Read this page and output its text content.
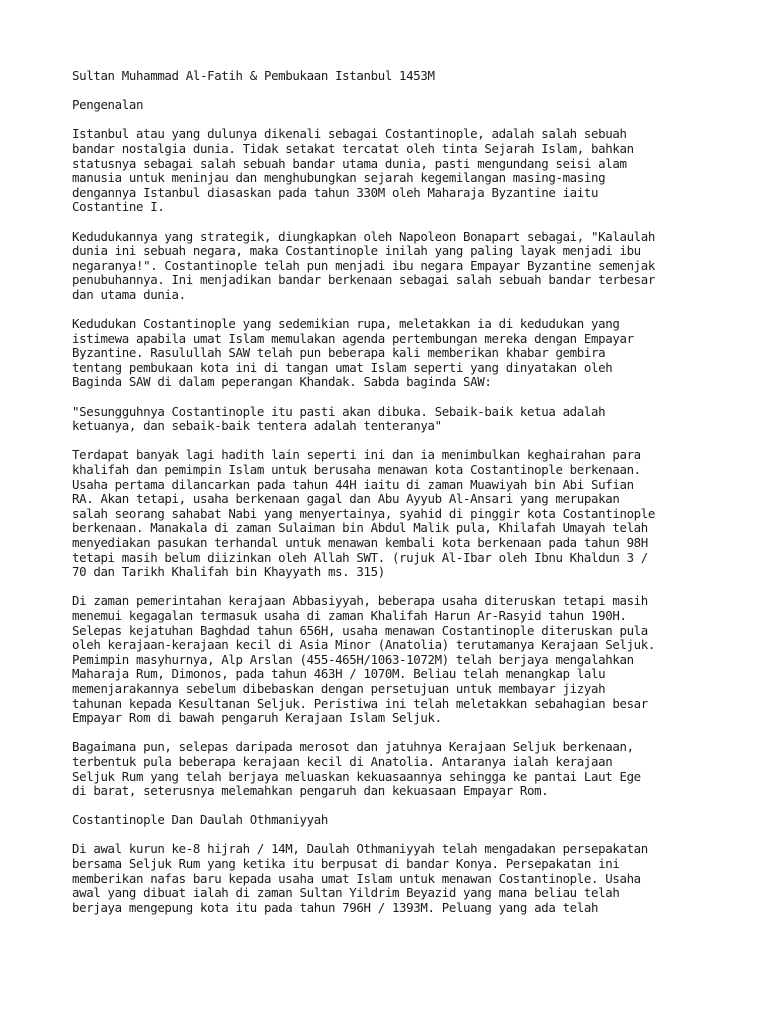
Sultan Muhammad Al-Fatih & Pembukaan Istanbul 1453M
Pengenalan
Istanbul atau yang dulunya dikenali sebagai Costantinople, adalah salah sebuah
bandar nostalgia dunia. Tidak setakat tercatat oleh tinta Sejarah Islam, bahkan
statusnya sebagai salah sebuah bandar utama dunia, pasti mengundang seisi alam
manusia untuk meninjau dan menghubungkan sejarah kegemilangan masing-masing
dengannya Istanbul diasaskan pada tahun 330M oleh Maharaja Byzantine iaitu
Costantine I.
Kedudukannya yang strategik, diungkapkan oleh Napoleon Bonapart sebagai, "Kalaulah
dunia ini sebuah negara, maka Costantinople inilah yang paling layak menjadi ibu
negaranya!". Costantinople telah pun menjadi ibu negara Empayar Byzantine semenjak
penubuhannya. Ini menjadikan bandar berkenaan sebagai salah sebuah bandar terbesar
dan utama dunia.
Kedudukan Costantinople yang sedemikian rupa, meletakkan ia di kedudukan yang
istimewa apabila umat Islam memulakan agenda pertembungan mereka dengan Empayar
Byzantine. Rasulullah SAW telah pun beberapa kali memberikan khabar gembira
tentang pembukaan kota ini di tangan umat Islam seperti yang dinyatakan oleh
Baginda SAW di dalam peperangan Khandak. Sabda baginda SAW:
"Sesungguhnya Costantinople itu pasti akan dibuka. Sebaik-baik ketua adalah
ketuanya, dan sebaik-baik tentera adalah tenteranya"
Terdapat banyak lagi hadith lain seperti ini dan ia menimbulkan keghairahan para
khalifah dan pemimpin Islam untuk berusaha menawan kota Costantinople berkenaan.
Usaha pertama dilancarkan pada tahun 44H iaitu di zaman Muawiyah bin Abi Sufian
RA. Akan tetapi, usaha berkenaan gagal dan Abu Ayyub Al-Ansari yang merupakan
salah seorang sahabat Nabi yang menyertainya, syahid di pinggir kota Costantinople
berkenaan. Manakala di zaman Sulaiman bin Abdul Malik pula, Khilafah Umayah telah
menyediakan pasukan terhandal untuk menawan kembali kota berkenaan pada tahun 98H
tetapi masih belum diizinkan oleh Allah SWT. (rujuk Al-Ibar oleh Ibnu Khaldun 3 /
70 dan Tarikh Khalifah bin Khayyath ms. 315)
Di zaman pemerintahan kerajaan Abbasiyyah, beberapa usaha diteruskan tetapi masih
menemui kegagalan termasuk usaha di zaman Khalifah Harun Ar-Rasyid tahun 190H.
Selepas kejatuhan Baghdad tahun 656H, usaha menawan Costantinople diteruskan pula
oleh kerajaan-kerajaan kecil di Asia Minor (Anatolia) terutamanya Kerajaan Seljuk.
Pemimpin masyhurnya, Alp Arslan (455-465H/1063-1072M) telah berjaya mengalahkan
Maharaja Rum, Dimonos, pada tahun 463H / 1070M. Beliau telah menangkap lalu
memenjarakannya sebelum dibebaskan dengan persetujuan untuk membayar jizyah
tahunan kepada Kesultanan Seljuk. Peristiwa ini telah meletakkan sebahagian besar
Empayar Rom di bawah pengaruh Kerajaan Islam Seljuk.
Bagaimana pun, selepas daripada merosot dan jatuhnya Kerajaan Seljuk berkenaan,
terbentuk pula beberapa kerajaan kecil di Anatolia. Antaranya ialah kerajaan
Seljuk Rum yang telah berjaya meluaskan kekuasaannya sehingga ke pantai Laut Ege
di barat, seterusnya melemahkan pengaruh dan kekuasaan Empayar Rom.
Costantinople Dan Daulah Othmaniyyah
Di awal kurun ke-8 hijrah / 14M, Daulah Othmaniyyah telah mengadakan persepakatan
bersama Seljuk Rum yang ketika itu berpusat di bandar Konya. Persepakatan ini
memberikan nafas baru kepada usaha umat Islam untuk menawan Costantinople. Usaha
awal yang dibuat ialah di zaman Sultan Yildrim Beyazid yang mana beliau telah
berjaya mengepung kota itu pada tahun 796H / 1393M. Peluang yang ada telah
